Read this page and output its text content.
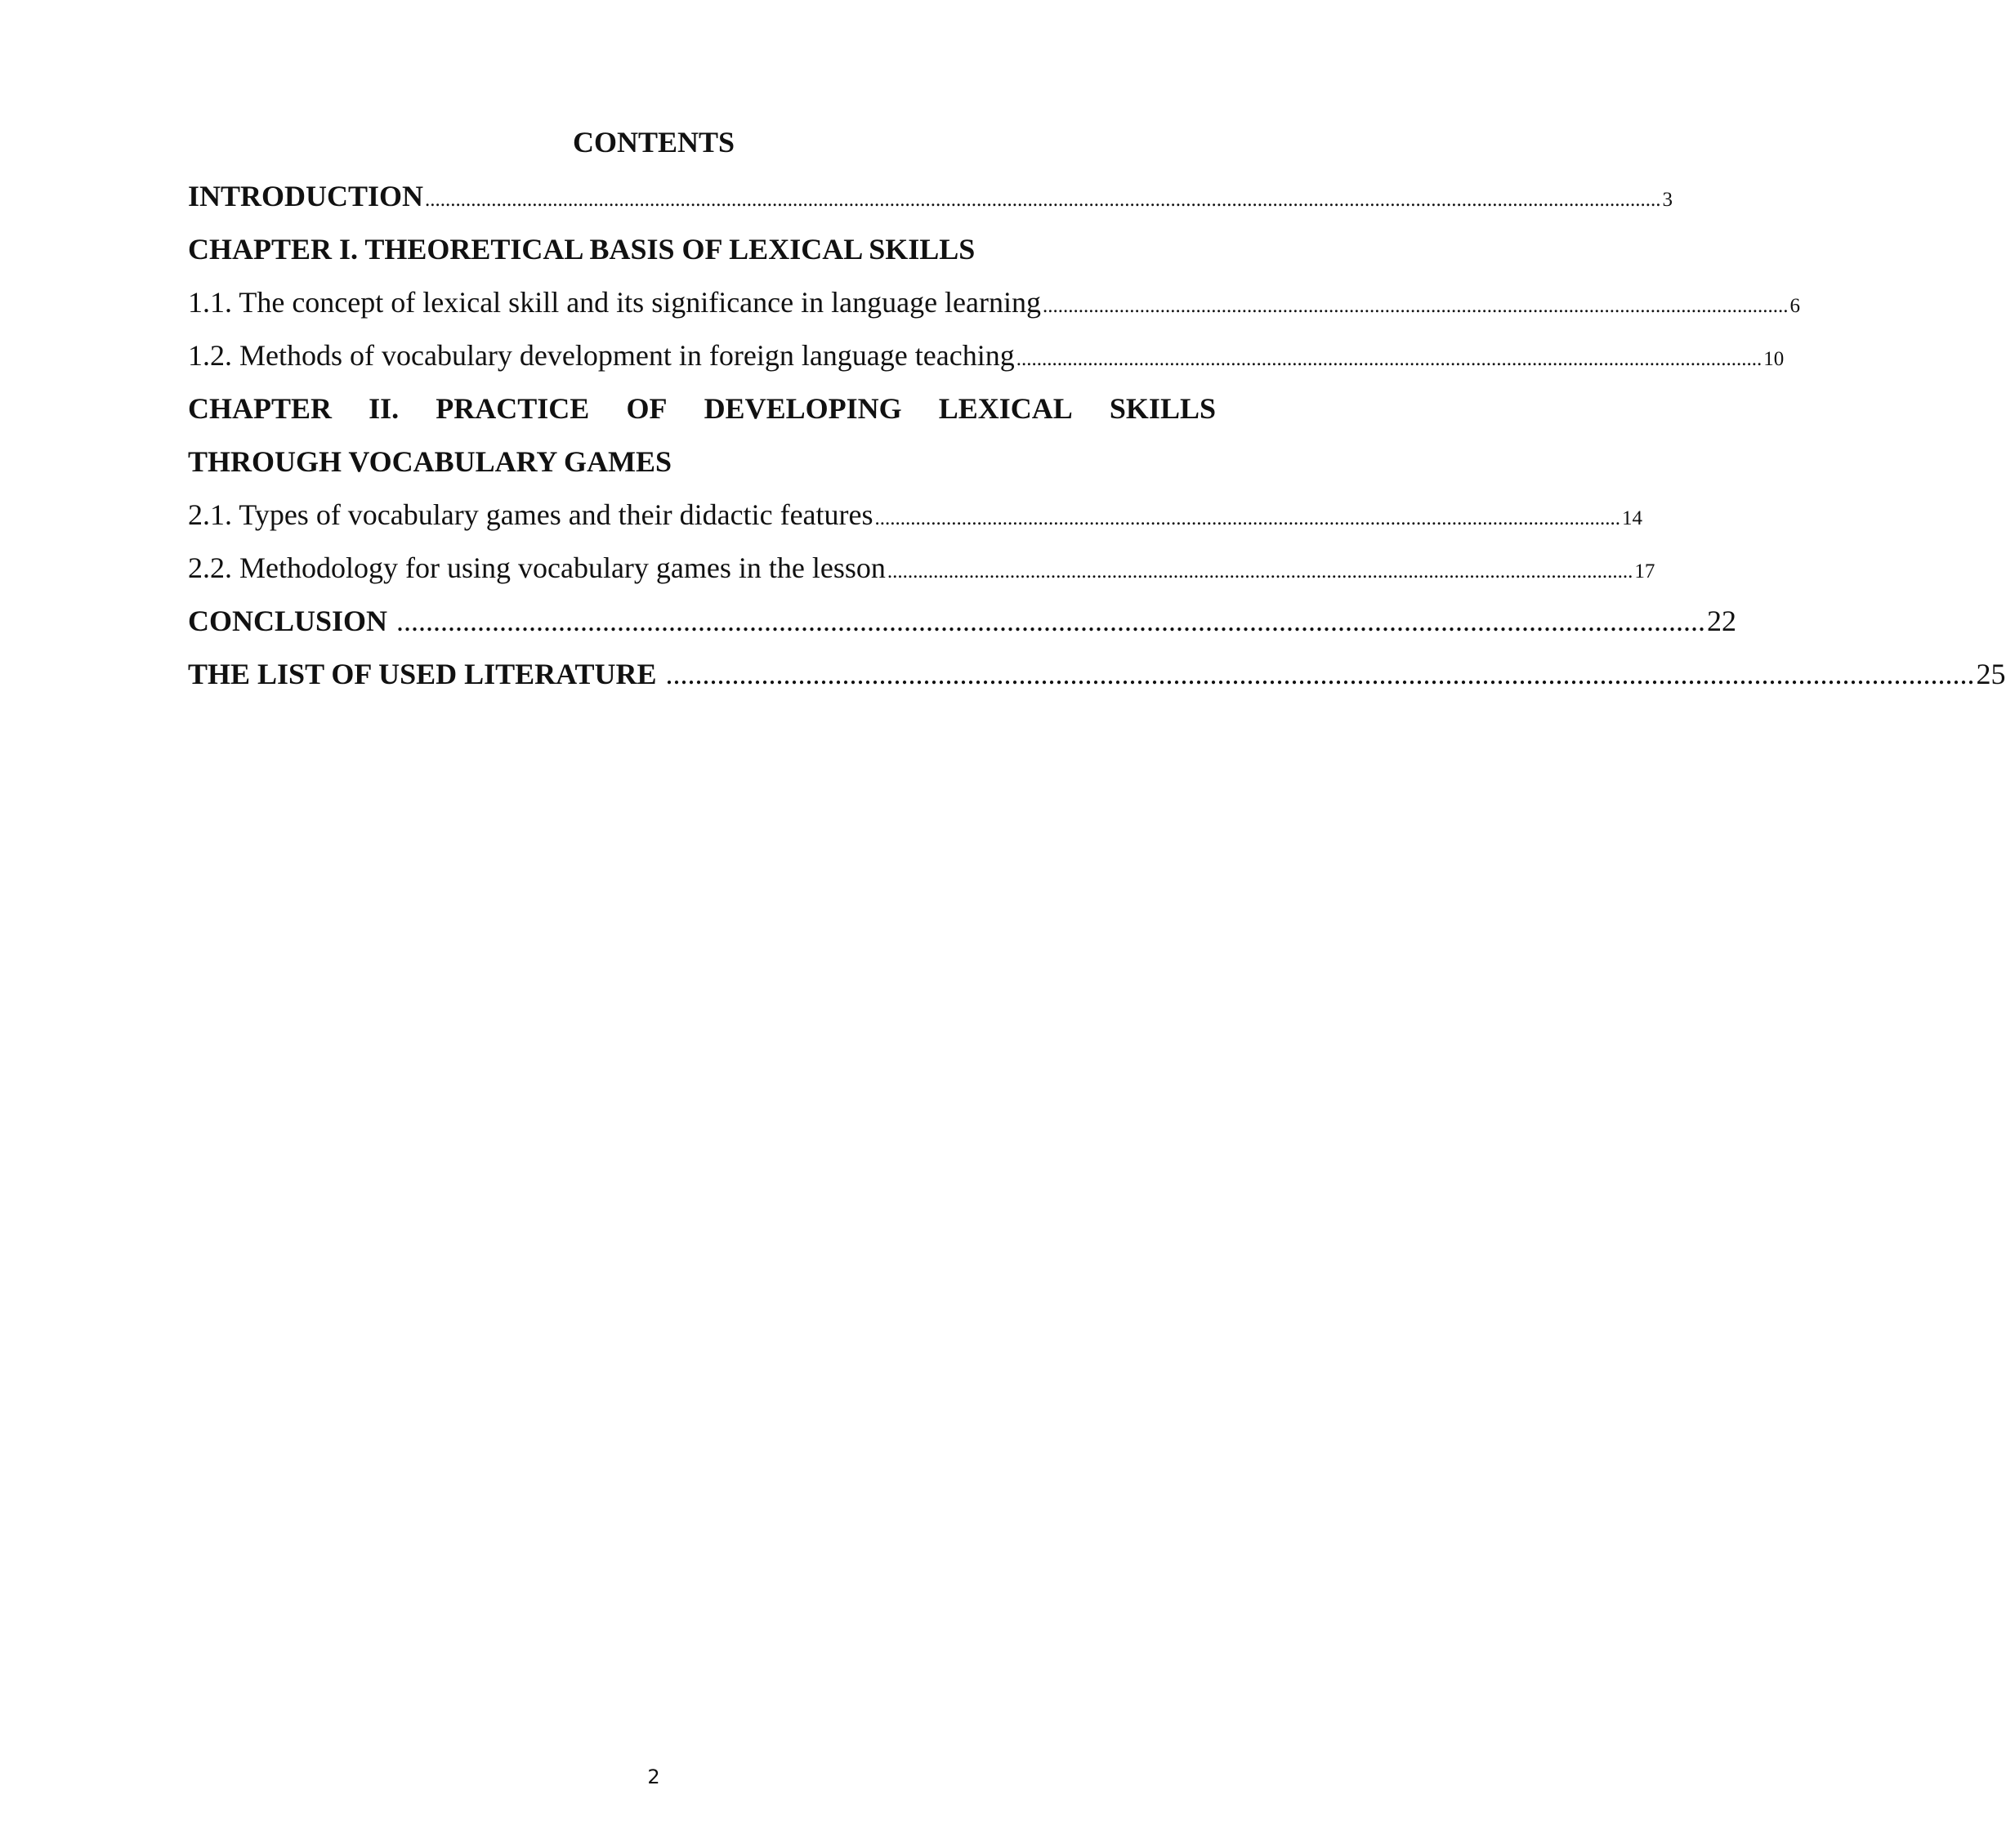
CONTENTS
INTRODUCTION .................................................................................................................................................................................................................................................. 3
CHAPTER I. THEORETICAL BASIS OF LEXICAL SKILLS
1.1. The concept of lexical skill and its significance in language learning .................................................................................................................................................. 6
1.2. Methods of vocabulary development in foreign language teaching .................................................................................................................................................. 10
CHAPTER II. PRACTICE OF DEVELOPING LEXICAL SKILLS
THROUGH VOCABULARY GAMES
2.1. Types of vocabulary games and their didactic features .................................................................................................................................................. 14
2.2. Methodology for using vocabulary games in the lesson .................................................................................................................................................. 17
CONCLUSION .................................................................................................................................................................................. 22
THE LIST OF USED LITERATURE .................................................................................................................................................................................. 25
2
